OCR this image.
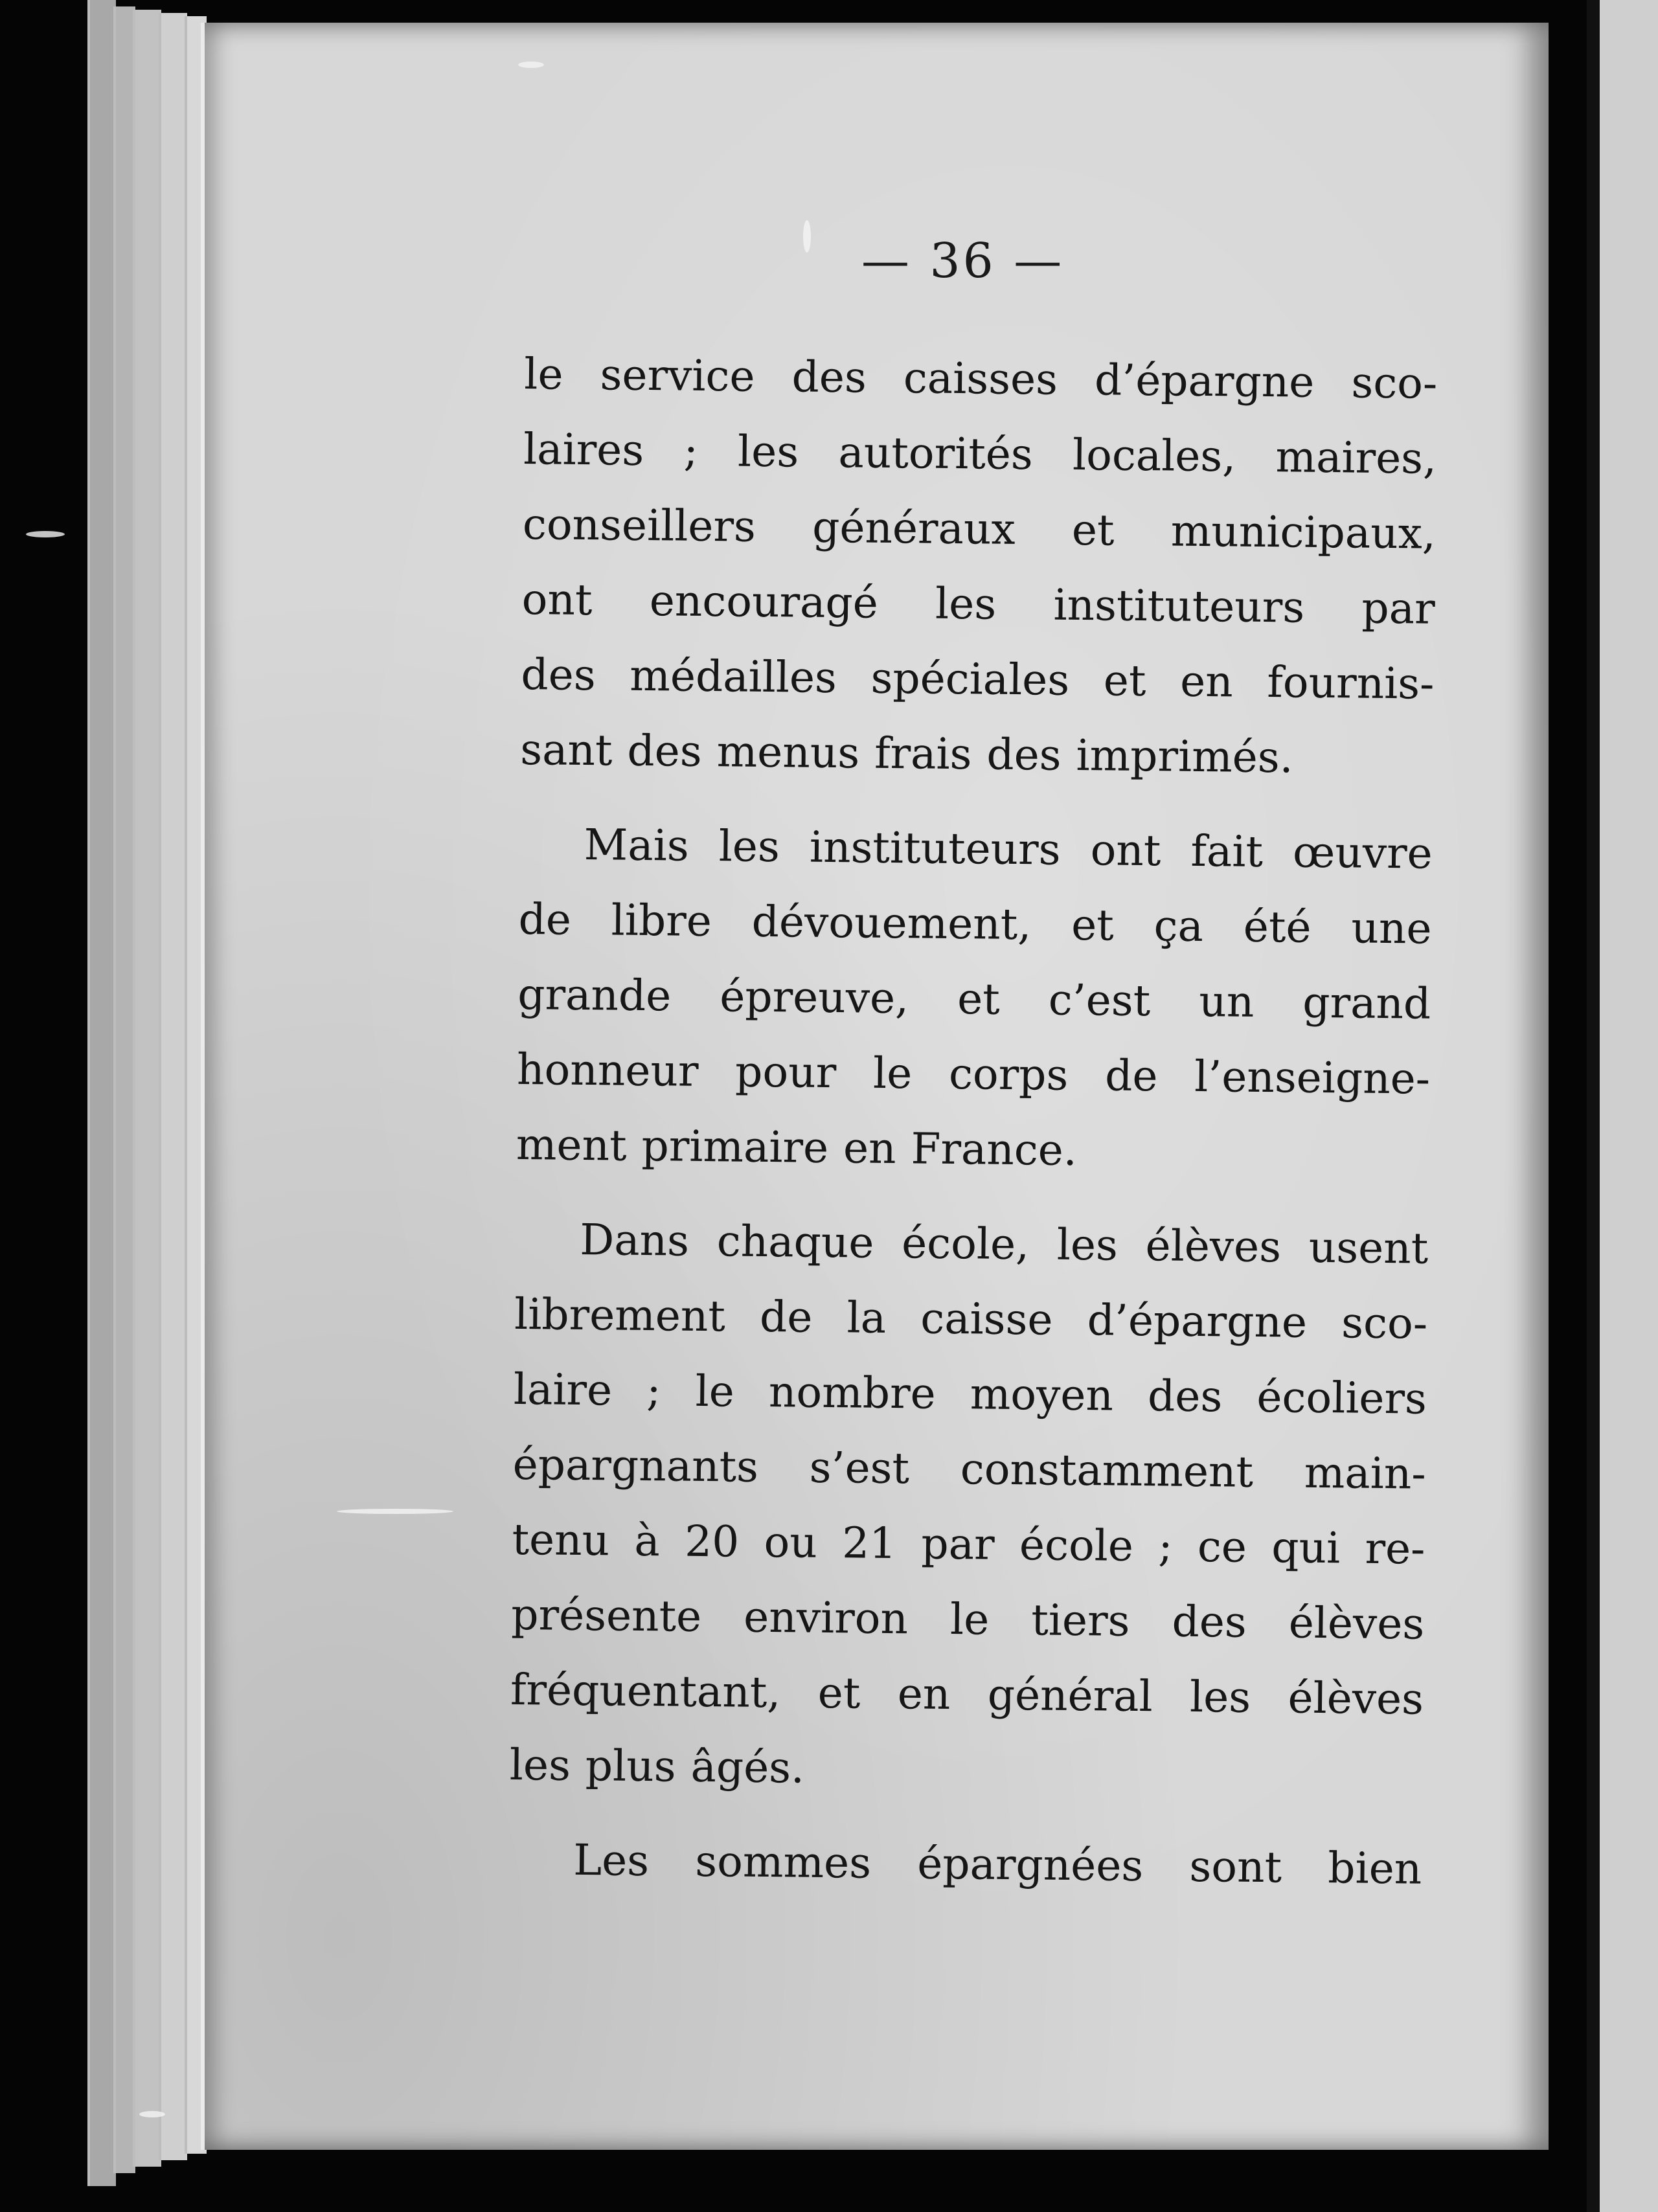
— 36 —
le service des caisses d’épargne sco-
laires ; les autorités locales, maires,
conseillers généraux et municipaux,
ont encouragé les instituteurs par
des médailles spéciales et en fournis-
sant des menus frais des imprimés.
Mais les instituteurs ont fait œuvre
de libre dévouement, et ça été une
grande épreuve, et c’est un grand
honneur pour le corps de l’enseigne-
ment primaire en France.
Dans chaque école, les élèves usent
librement de la caisse d’épargne sco-
laire ; le nombre moyen des écoliers
épargnants s’est constamment main-
tenu à 20 ou 21 par école ; ce qui re-
présente environ le tiers des élèves
fréquentant, et en général les élèves
les plus âgés.
Les sommes épargnées sont bien
